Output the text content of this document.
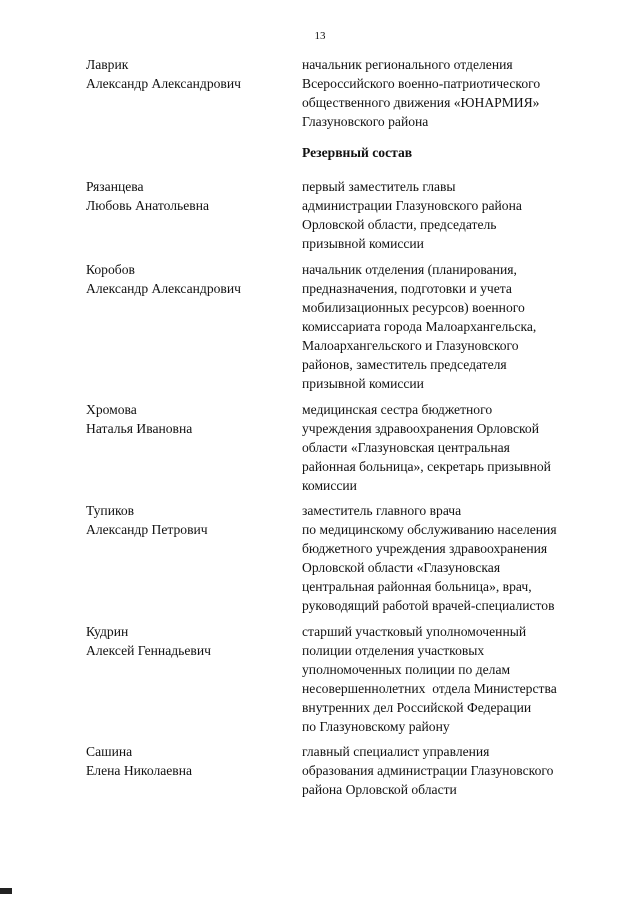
13
Лаврик
Александр Александрович
начальник регионального отделения
Всероссийского военно-патриотического
общественного движения «ЮНАРМИЯ»
Глазуновского района
Резервный состав
Рязанцева
Любовь Анатольевна
первый заместитель главы
администрации Глазуновского района
Орловской области, председатель
призывной комиссии
Коробов
Александр Александрович
начальник отделения (планирования,
предназначения, подготовки и учета
мобилизационных ресурсов) военного
комиссариата города Малоархангельска,
Малоархангельского и Глазуновского
районов, заместитель председателя
призывной комиссии
Хромова
Наталья Ивановна
медицинская сестра бюджетного
учреждения здравоохранения Орловской
области «Глазуновская центральная
районная больница», секретарь призывной
комиссии
Тупиков
Александр Петрович
заместитель главного врача
по медицинскому обслуживанию населения
бюджетного учреждения здравоохранения
Орловской области «Глазуновская
центральная районная больница», врач,
руководящий работой врачей-специалистов
Кудрин
Алексей Геннадьевич
старший участковый уполномоченный
полиции отделения участковых
уполномоченных полиции по делам
несовершеннолетних  отдела Министерства
внутренних дел Российской Федерации
по Глазуновскому району
Сашина
Елена Николаевна
главный специалист управления
образования администрации Глазуновского
района Орловской области
